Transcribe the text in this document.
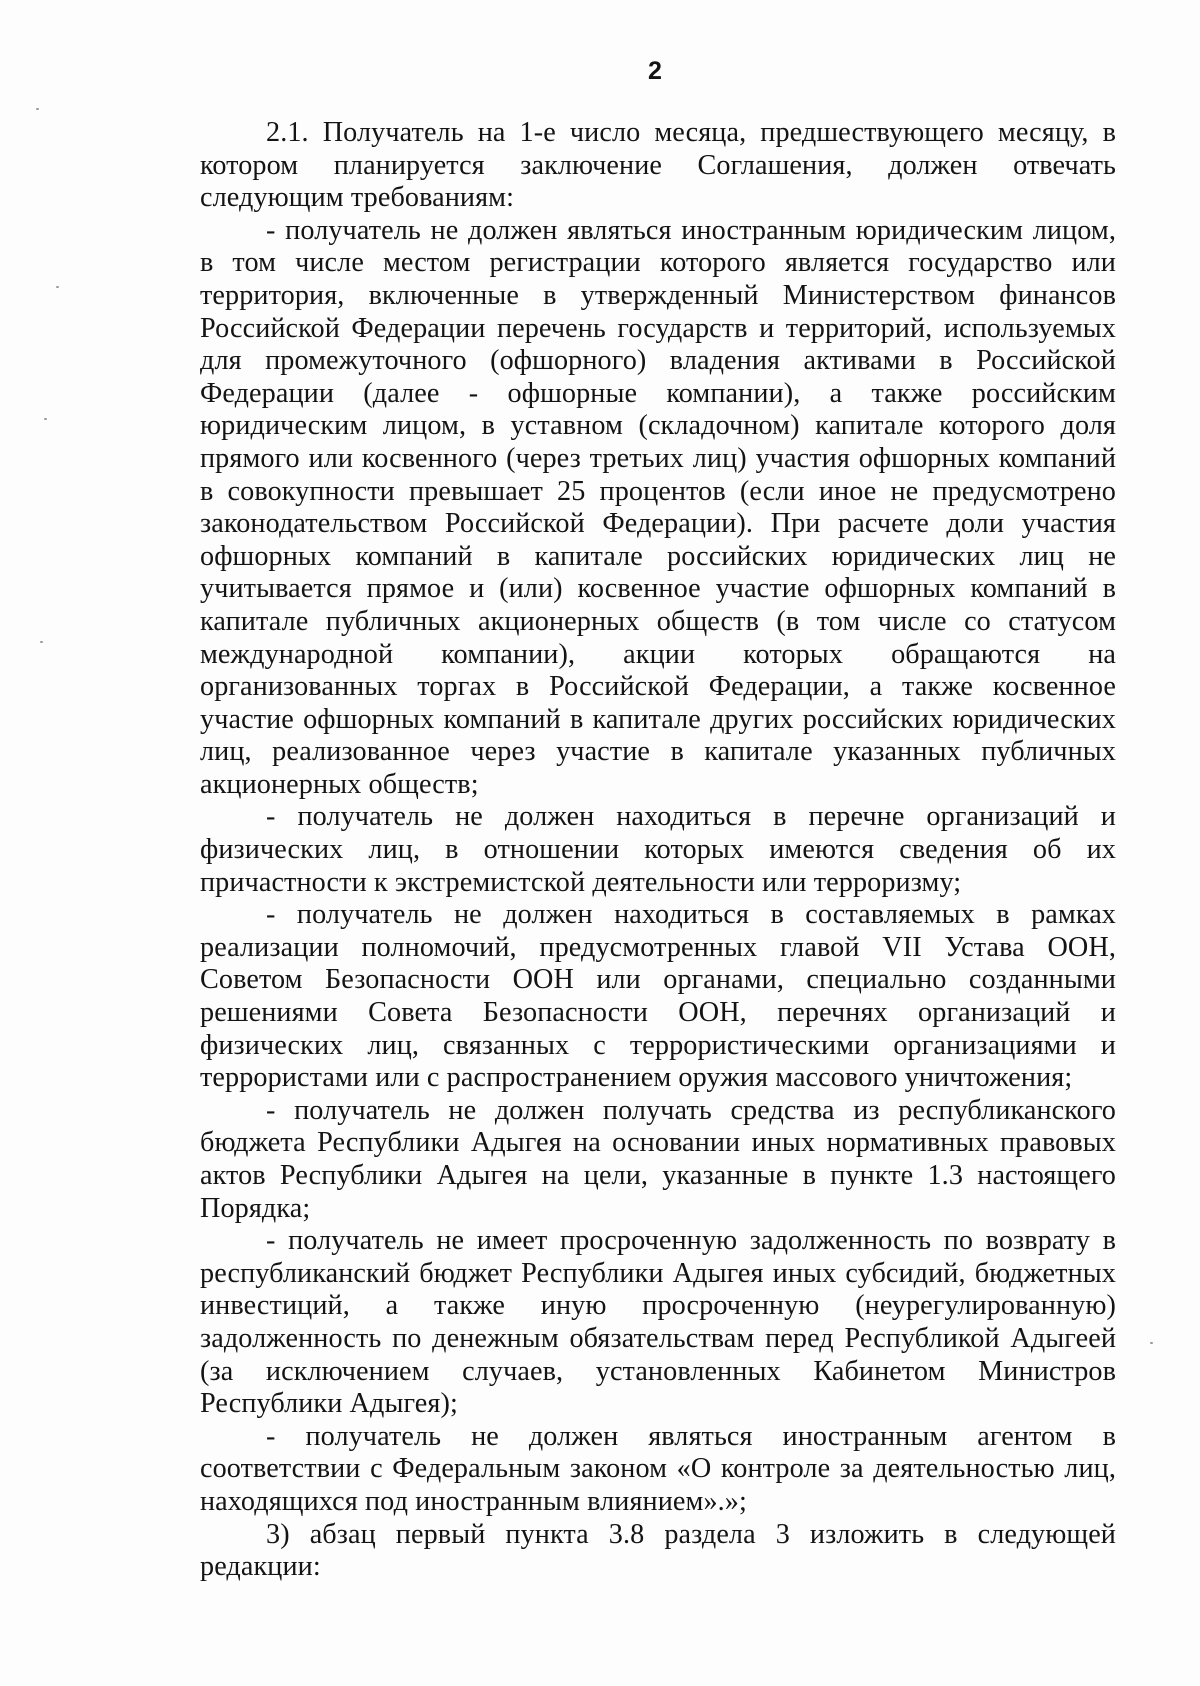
2

2.1. Получатель на 1-е число месяца, предшествующего месяцу, в котором планируется заключение Соглашения, должен отвечать следующим требованиям:

- получатель не должен являться иностранным юридическим лицом, в том числе местом регистрации которого является государство или территория, включенные в утвержденный Министерством финансов Российской Федерации перечень государств и территорий, используемых для промежуточного (офшорного) владения активами в Российской Федерации (далее - офшорные компании), а также российским юридическим лицом, в уставном (складочном) капитале которого доля прямого или косвенного (через третьих лиц) участия офшорных компаний в совокупности превышает 25 процентов (если иное не предусмотрено законодательством Российской Федерации). При расчете доли участия офшорных компаний в капитале российских юридических лиц не учитывается прямое и (или) косвенное участие офшорных компаний в капитале публичных акционерных обществ (в том числе со статусом международной компании), акции которых обращаются на организованных торгах в Российской Федерации, а также косвенное участие офшорных компаний в капитале других российских юридических лиц, реализованное через участие в капитале указанных публичных акционерных обществ;

- получатель не должен находиться в перечне организаций и физических лиц, в отношении которых имеются сведения об их причастности к экстремистской деятельности или терроризму;

- получатель не должен находиться в составляемых в рамках реализации полномочий, предусмотренных главой VII Устава ООН, Советом Безопасности ООН или органами, специально созданными решениями Совета Безопасности ООН, перечнях организаций и физических лиц, связанных с террористическими организациями и террористами или с распространением оружия массового уничтожения;

- получатель не должен получать средства из республиканского бюджета Республики Адыгея на основании иных нормативных правовых актов Республики Адыгея на цели, указанные в пункте 1.3 настоящего Порядка;

- получатель не имеет просроченную задолженность по возврату в республиканский бюджет Республики Адыгея иных субсидий, бюджетных инвестиций, а также иную просроченную (неурегулированную) задолженность по денежным обязательствам перед Республикой Адыгеей (за исключением случаев, установленных Кабинетом Министров Республики Адыгея);

- получатель не должен являться иностранным агентом в соответствии с Федеральным законом «О контроле за деятельностью лиц, находящихся под иностранным влиянием».»;

3) абзац первый пункта 3.8 раздела 3 изложить в следующей редакции:
